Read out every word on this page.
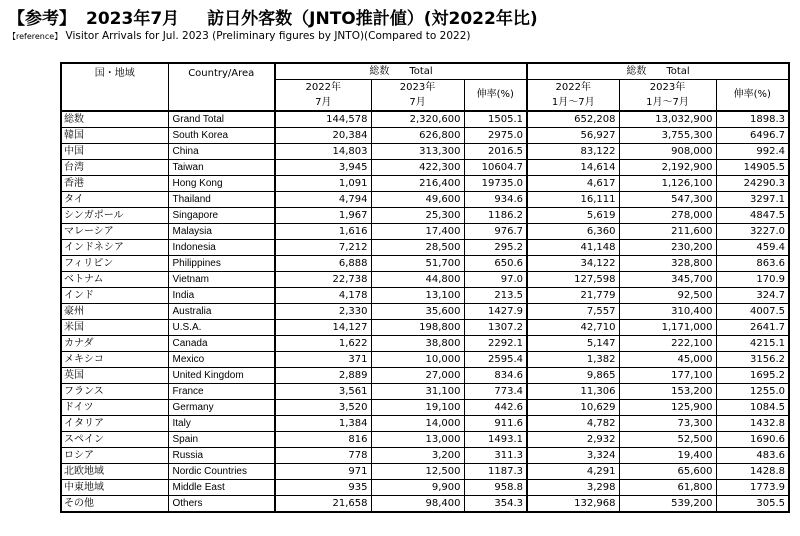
【参考】 2023年7月 訪日外客数（JNTO推計値）(対2022年比)
【reference】 Visitor Arrivals for Jul. 2023 (Preliminary figures by JNTO)(Compared to 2022)
国・地域	Country/Area	総数　　Total			総数　　Total		
		2022年	2023年	伸率(%)	2022年	2023年	伸率(%)
		7月	7月		1月～7月	1月～7月	
総数	Grand Total	144,578	2,320,600	1505.1	652,208	13,032,900	1898.3
韓国	South Korea	20,384	626,800	2975.0	56,927	3,755,300	6496.7
中国	China	14,803	313,300	2016.5	83,122	908,000	992.4
台湾	Taiwan	3,945	422,300	10604.7	14,614	2,192,900	14905.5
香港	Hong Kong	1,091	216,400	19735.0	4,617	1,126,100	24290.3
タイ	Thailand	4,794	49,600	934.6	16,111	547,300	3297.1
シンガポール	Singapore	1,967	25,300	1186.2	5,619	278,000	4847.5
マレーシア	Malaysia	1,616	17,400	976.7	6,360	211,600	3227.0
インドネシア	Indonesia	7,212	28,500	295.2	41,148	230,200	459.4
フィリピン	Philippines	6,888	51,700	650.6	34,122	328,800	863.6
ベトナム	Vietnam	22,738	44,800	97.0	127,598	345,700	170.9
インド	India	4,178	13,100	213.5	21,779	92,500	324.7
豪州	Australia	2,330	35,600	1427.9	7,557	310,400	4007.5
米国	U.S.A.	14,127	198,800	1307.2	42,710	1,171,000	2641.7
カナダ	Canada	1,622	38,800	2292.1	5,147	222,100	4215.1
メキシコ	Mexico	371	10,000	2595.4	1,382	45,000	3156.2
英国	United Kingdom	2,889	27,000	834.6	9,865	177,100	1695.2
フランス	France	3,561	31,100	773.4	11,306	153,200	1255.0
ドイツ	Germany	3,520	19,100	442.6	10,629	125,900	1084.5
イタリア	Italy	1,384	14,000	911.6	4,782	73,300	1432.8
スペイン	Spain	816	13,000	1493.1	2,932	52,500	1690.6
ロシア	Russia	778	3,200	311.3	3,324	19,400	483.6
北欧地域	Nordic Countries	971	12,500	1187.3	4,291	65,600	1428.8
中東地域	Middle East	935	9,900	958.8	3,298	61,800	1773.9
その他	Others	21,658	98,400	354.3	132,968	539,200	305.5
